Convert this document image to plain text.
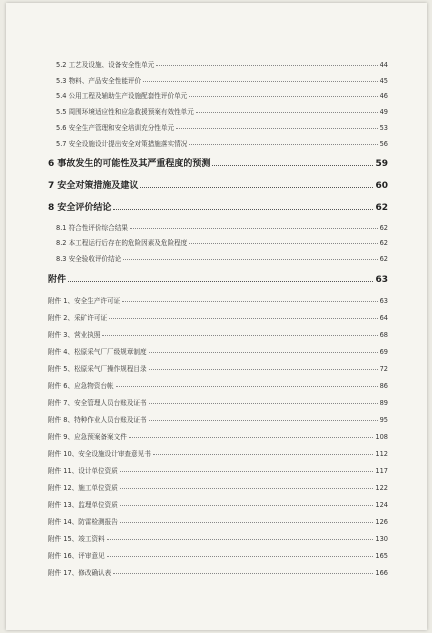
5.2 工艺及设施、设备安全性单元	44
5.3 物料、产品安全性能评价	45
5.4 公用工程及辅助生产设施配套性评价单元	46
5.5 周围环境适应性和应急救援预案有效性单元	49
5.6 安全生产管理和安全培训充分性单元	53
5.7 安全设施设计提出安全对策措施落实情况	56
6 事故发生的可能性及其严重程度的预测	59
7 安全对策措施及建议	60
8 安全评价结论	62
8.1 符合性评价综合结果	62
8.2 本工程运行后存在的危险因素及危险程度	62
8.3 安全验收评价结论	62
附件	63
附件 1、安全生产许可证	63
附件 2、采矿许可证	64
附件 3、营业执照	68
附件 4、松原采气厂厂级规章制度	69
附件 5、松原采气厂操作规程目录	72
附件 6、应急物资台帐	86
附件 7、安全管理人员台账及证书	89
附件 8、特种作业人员台账及证书	95
附件 9、应急预案备案文件	108
附件 10、安全设施设计审查意见书	112
附件 11、设计单位资质	117
附件 12、施工单位资质	122
附件 13、监理单位资质	124
附件 14、防雷检测报告	126
附件 15、竣工资料	130
附件 16、评审意见	165
附件 17、修改确认表	166
